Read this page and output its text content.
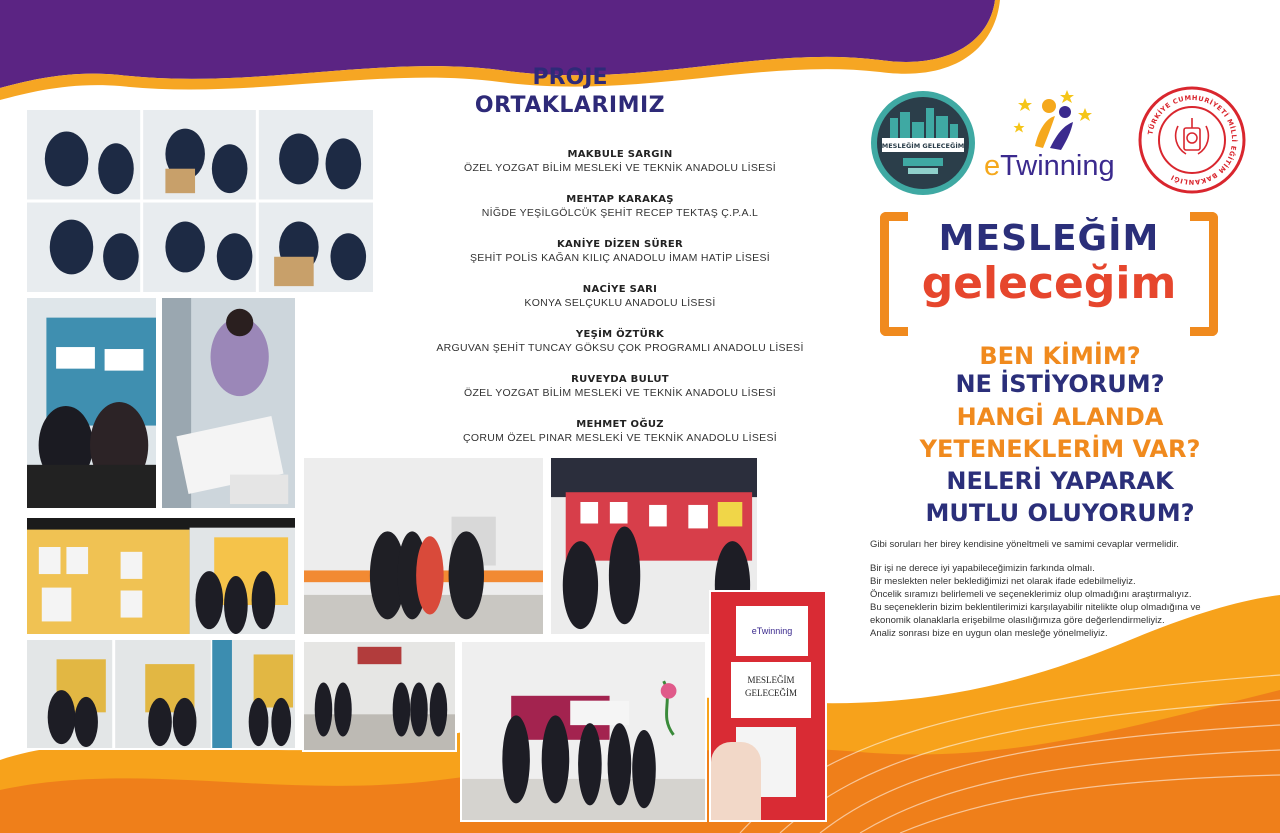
eTwinning
MESLEĞİM
GELECEĞİM
PROJE
ORTAKLARIMIZ
MAKBULE SARGIN
ÖZEL YOZGAT BİLİM MESLEKİ VE TEKNİK ANADOLU LİSESİ
MEHTAP KARAKAŞ
NİĞDE YEŞİLGÖLCÜK ŞEHİT RECEP TEKTAŞ Ç.P.A.L
KANİYE DİZEN SÜRER
ŞEHİT POLİS KAĞAN KILIÇ ANADOLU İMAM HATİP LİSESİ
NACİYE SARI
KONYA SELÇUKLU ANADOLU LİSESİ
YEŞİM ÖZTÜRK
ARGUVAN ŞEHİT TUNCAY GÖKSU ÇOK PROGRAMLI ANADOLU LİSESİ
RUVEYDA BULUT
ÖZEL YOZGAT BİLİM MESLEKİ VE TEKNİK ANADOLU LİSESİ
MEHMET OĞUZ
ÇORUM ÖZEL PINAR MESLEKİ VE TEKNİK ANADOLU LİSESİ
MESLEĞİM GELECEĞİM
eTwinning
TÜRKİYE CUMHURİYETİ MİLLİ EĞİTİM BAKANLIĞI
MESLEĞİM
geleceğim
BEN KİMİM?
NE İSTİYORUM?
HANGİ ALANDA
YETENEKLERİM VAR?
NELERİ YAPARAK
MUTLU OLUYORUM?
Gibi soruları her birey kendisine yöneltmeli ve samimi cevaplar vermelidir.
Bir işi ne derece iyi yapabileceğimizin farkında olmalı.
Bir meslekten neler beklediğimizi net olarak ifade edebilmeliyiz.
Öncelik sıramızı belirlemeli ve seçeneklerimiz olup olmadığını araştırmalıyız.
Bu seçeneklerin bizim beklentilerimizi karşılayabilir nitelikte olup olmadığına ve
ekonomik olanaklarla erişebilme olasılığımıza göre değerlendirmeliyiz.
Analiz sonrası bize en uygun olan mesleğe yönelmeliyiz.
